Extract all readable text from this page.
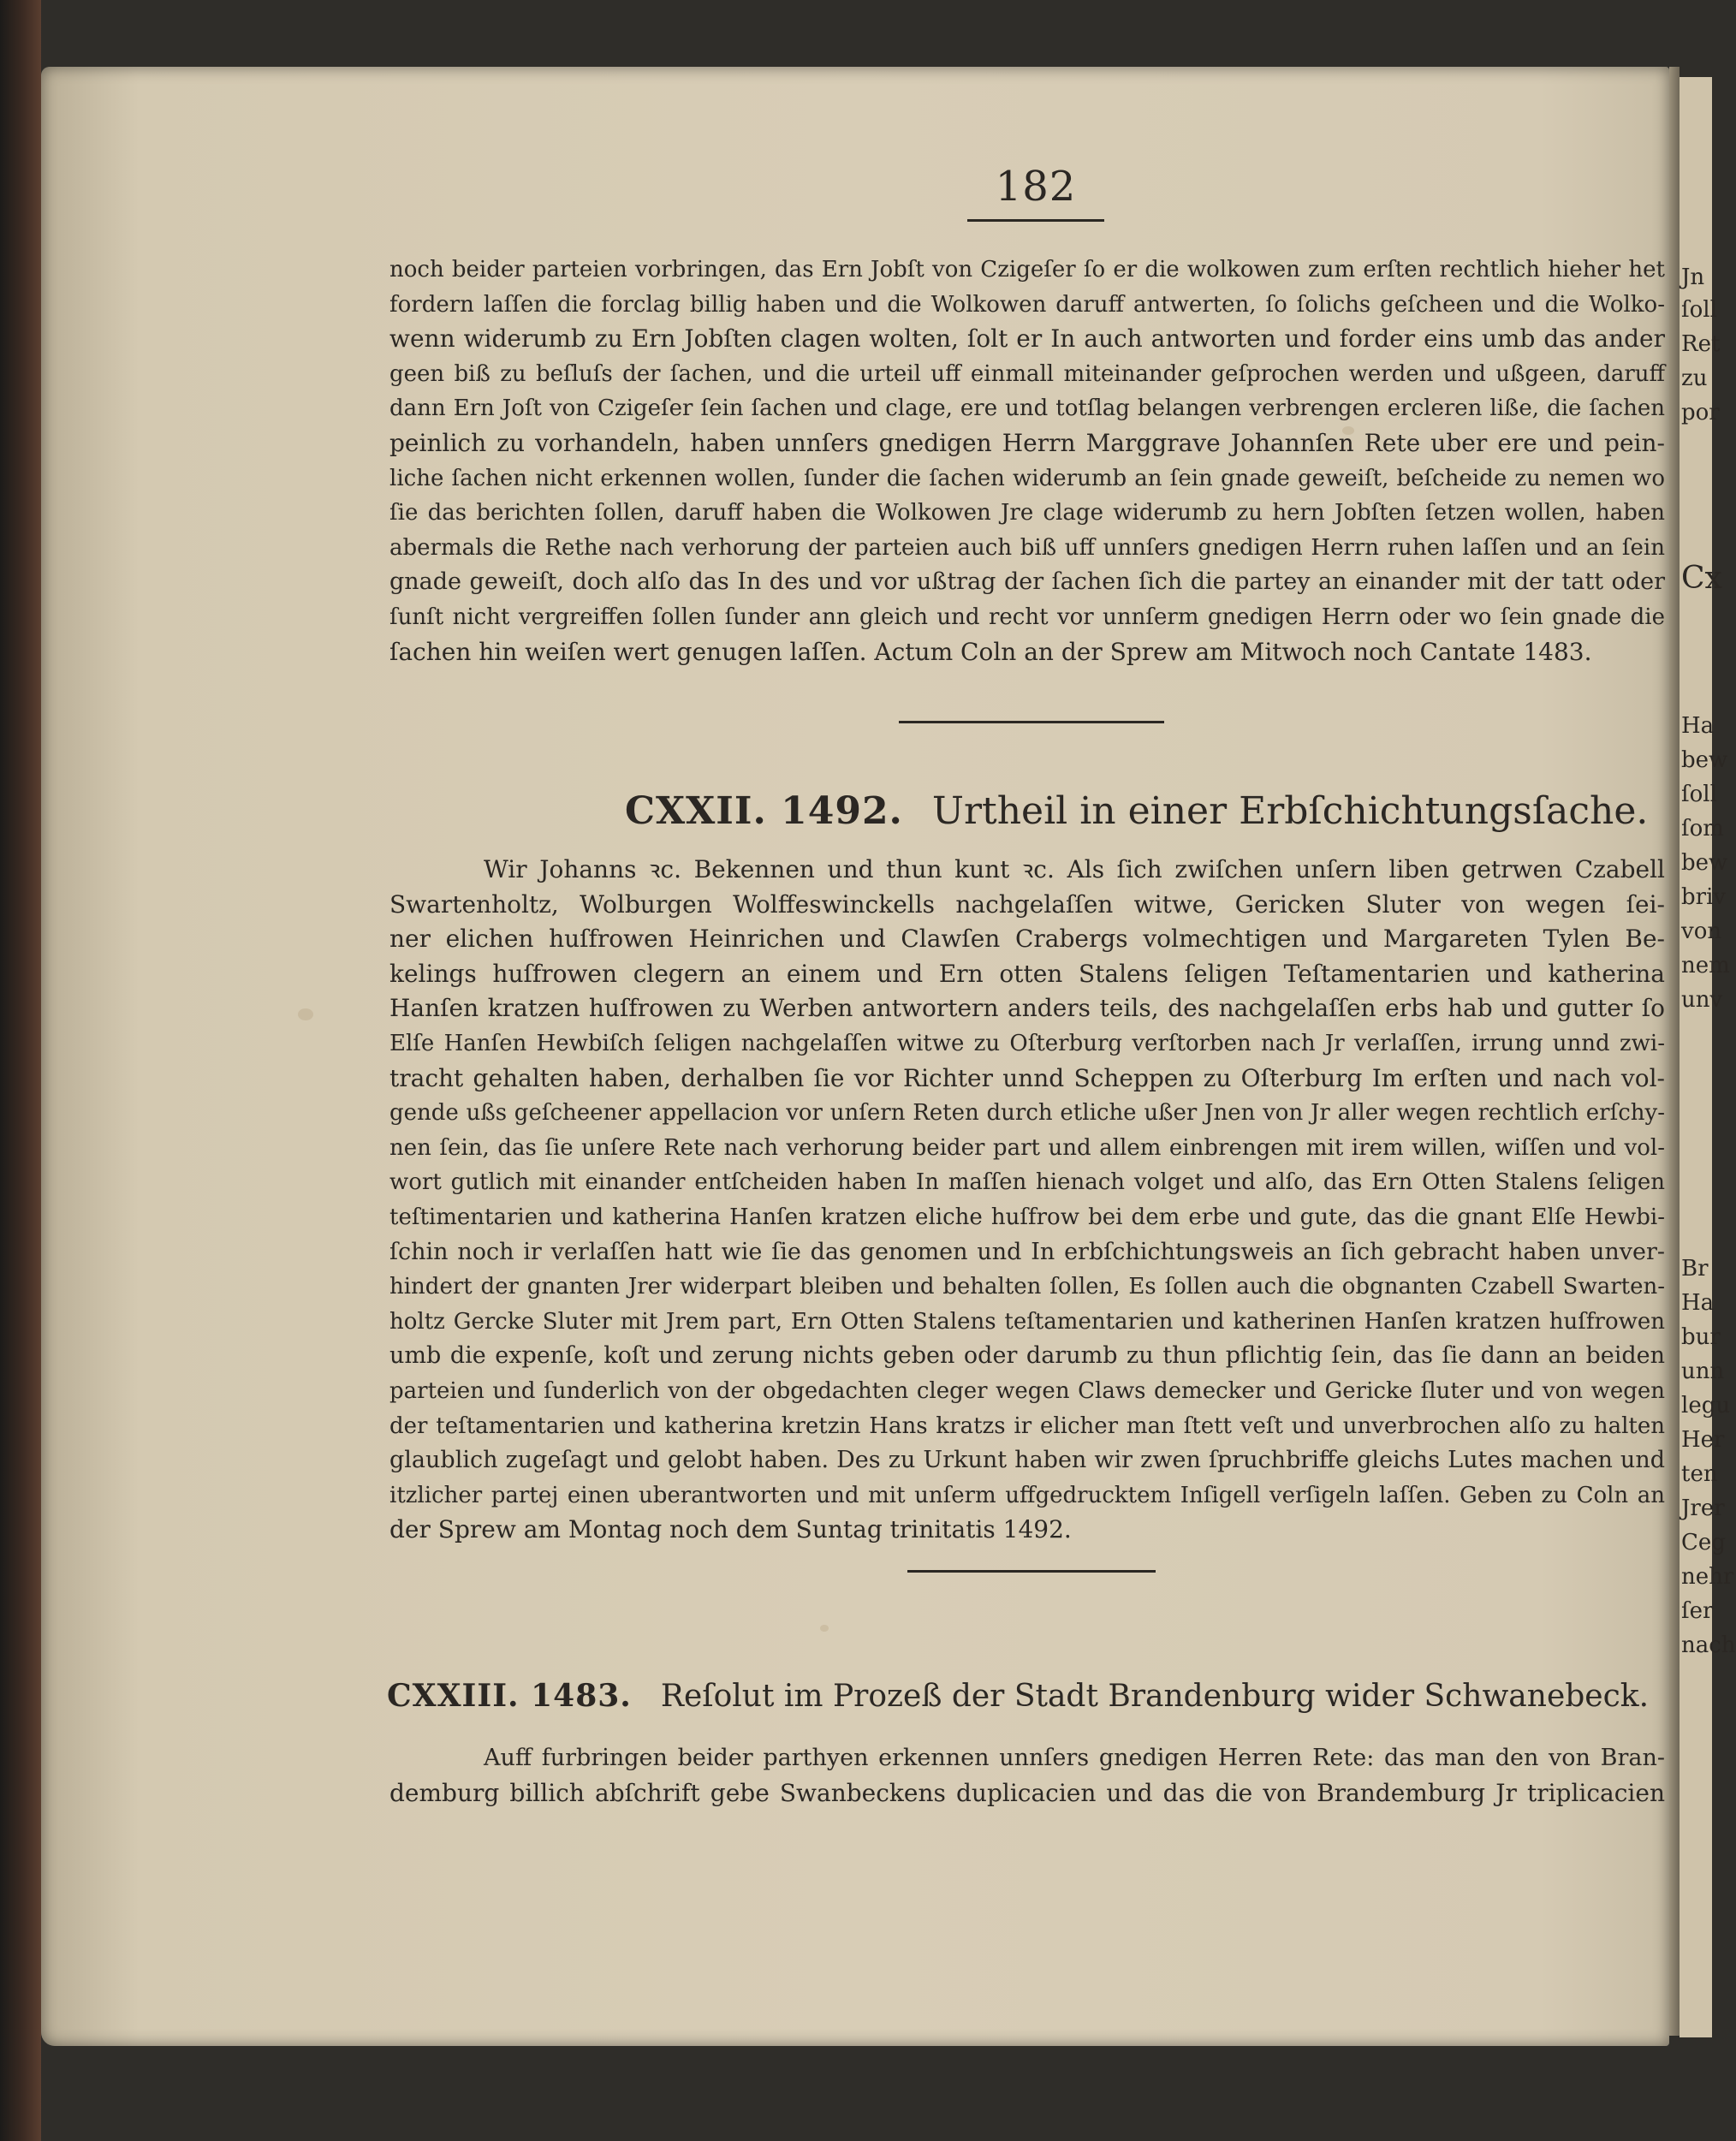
Jn
ſoll
Ret
zu
por
Cx
Ha
bew
ſoll
ſom
bew
briv
von
nem
unv
Br
Ha
bur
unn
legu
Her
ten
Jrer
Ceg
nehr
ſer
nach
182
noch beider parteien vorbringen, das Ern Jobſt von Czigeſer ſo er die wolkowen zum erſten rechtlich hieher het
fordern laſſen die forclag billig haben und die Wolkowen daruff antwerten, ſo ſolichs geſcheen und die Wolko-
wenn widerumb zu Ern Jobſten clagen wolten, ſolt er In auch antworten und forder eins umb das ander
geen biß zu beſluſs der ſachen, und die urteil uff einmall miteinander geſprochen werden und ußgeen, daruff
dann Ern Joſt von Czigeſer ſein ſachen und clage, ere und totſlag belangen verbrengen ercleren liße, die ſachen
peinlich zu vorhandeln, haben unnſers gnedigen Herrn Marggrave Johannſen Rete uber ere und pein-
liche ſachen nicht erkennen wollen, ſunder die ſachen widerumb an ſein gnade geweiſt, beſcheide zu nemen wo
ſie das berichten ſollen, daruff haben die Wolkowen Jre clage widerumb zu hern Jobſten ſetzen wollen, haben
abermals die Rethe nach verhorung der parteien auch biß uff unnſers gnedigen Herrn ruhen laſſen und an ſein
gnade geweiſt, doch alſo das In des und vor ußtrag der ſachen ſich die partey an einander mit der tatt oder
ſunſt nicht vergreiffen ſollen ſunder ann gleich und recht vor unnſerm gnedigen Herrn oder wo ſein gnade die
ſachen hin weiſen wert genugen laſſen. Actum Coln an der Sprew am Mitwoch noch Cantate 1483.
CXXII. 1492. Urtheil in einer Erbſchichtungsſache.
Wir Johanns ꝛc. Bekennen und thun kunt ꝛc. Als ſich zwiſchen unſern liben getrwen Czabell
Swartenholtz, Wolburgen Wolffeswinckells nachgelaſſen witwe, Gericken Sluter von wegen ſei-
ner elichen huſfrowen Heinrichen und Clawſen Crabergs volmechtigen und Margareten Tylen Be-
kelings huſfrowen clegern an einem und Ern otten Stalens ſeligen Teſtamentarien und katherina
Hanſen kratzen huſfrowen zu Werben antwortern anders teils, des nachgelaſſen erbs hab und gutter ſo
Elſe Hanſen Hewbiſch ſeligen nachgelaſſen witwe zu Oſterburg verſtorben nach Jr verlaſſen, irrung unnd zwi-
tracht gehalten haben, derhalben ſie vor Richter unnd Scheppen zu Oſterburg Im erſten und nach vol-
gende ußs geſcheener appellacion vor unſern Reten durch etliche ußer Jnen von Jr aller wegen rechtlich erſchy-
nen ſein, das ſie unſere Rete nach verhorung beider part und allem einbrengen mit irem willen, wiſſen und vol-
wort gutlich mit einander entſcheiden haben In maſſen hienach volget und alſo, das Ern Otten Stalens ſeligen
teſtimentarien und katherina Hanſen kratzen eliche huſfrow bei dem erbe und gute, das die gnant Elſe Hewbi-
ſchin noch ir verlaſſen hatt wie ſie das genomen und In erbſchichtungsweis an ſich gebracht haben unver-
hindert der gnanten Jrer widerpart bleiben und behalten ſollen, Es ſollen auch die obgnanten Czabell Swarten-
holtz Gercke Sluter mit Jrem part, Ern Otten Stalens teſtamentarien und katherinen Hanſen kratzen huſfrowen
umb die expenſe, koſt und zerung nichts geben oder darumb zu thun pflichtig ſein, das ſie dann an beiden
parteien und ſunderlich von der obgedachten cleger wegen Claws demecker und Gericke ſluter und von wegen
der teſtamentarien und katherina kretzin Hans kratzs ir elicher man ſtett veſt und unverbrochen alſo zu halten
glaublich zugeſagt und gelobt haben. Des zu Urkunt haben wir zwen ſpruchbriffe gleichs Lutes machen und
itzlicher partej einen uberantworten und mit unſerm uffgedrucktem Inſigell verſigeln laſſen. Geben zu Coln an
der Sprew am Montag noch dem Suntag trinitatis 1492.
CXXIII. 1483. Reſolut im Prozeß der Stadt Brandenburg wider Schwanebeck.
Auff furbringen beider parthyen erkennen unnſers gnedigen Herren Rete: das man den von Bran-
demburg billich abſchrift gebe Swanbeckens duplicacien und das die von Brandemburg Jr triplicacien
